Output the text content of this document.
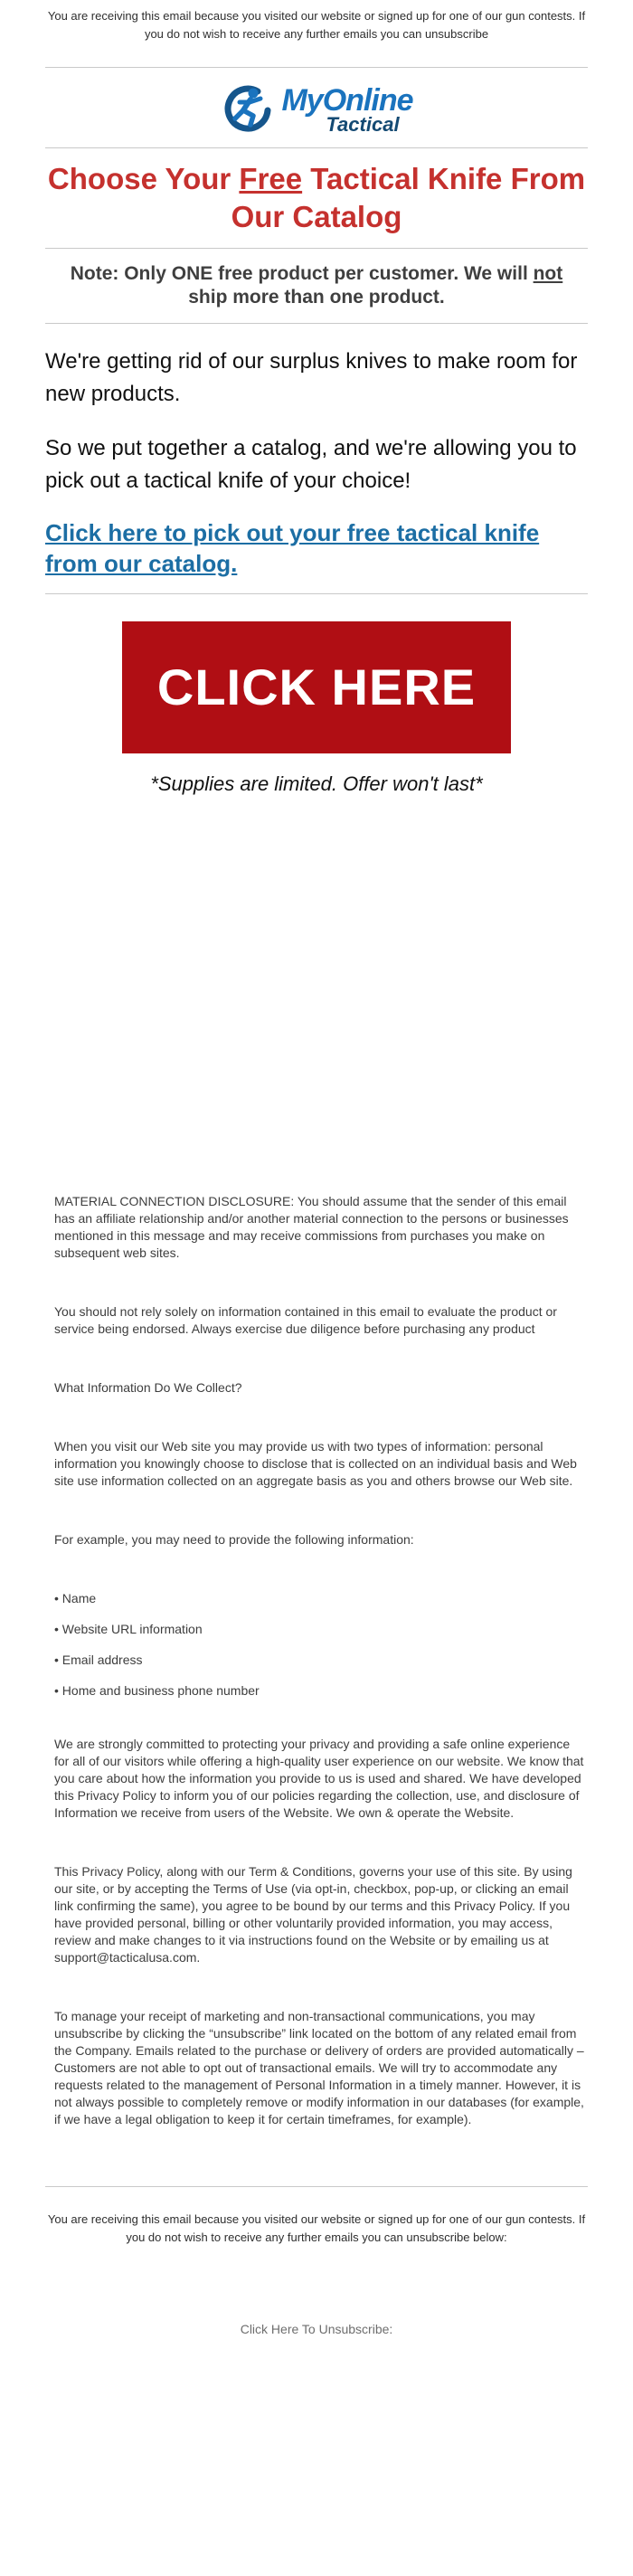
You are receiving this email because you visited our website or signed up for one of our gun contests. If you do not wish to receive any further emails you can unsubscribe

MyOnline
Tactical
Choose Your Free Tactical Knife From Our Catalog

Note: Only ONE free product per customer. We will not ship more than one product.

We're getting rid of our surplus knives to make room for new products.

So we put together a catalog, and we're allowing you to pick out a tactical knife of your choice!

Click here to pick out your free tactical knife from our catalog.
CLICK HERE

*Supplies are limited. Offer won't last*

MATERIAL CONNECTION DISCLOSURE: You should assume that the sender of this email has an affiliate relationship and/or another material connection to the persons or businesses mentioned in this message and may receive commissions from purchases you make on subsequent web sites.

You should not rely solely on information contained in this email to evaluate the product or service being endorsed. Always exercise due diligence before purchasing any product

What Information Do We Collect?

When you visit our Web site you may provide us with two types of information: personal information you knowingly choose to disclose that is collected on an individual basis and Web site use information collected on an aggregate basis as you and others browse our Web site.

For example, you may need to provide the following information:

• Name

• Website URL information

• Email address

• Home and business phone number

We are strongly committed to protecting your privacy and providing a safe online experience for all of our visitors while offering a high-quality user experience on our website. We know that you care about how the information you provide to us is used and shared. We have developed this Privacy Policy to inform you of our policies regarding the collection, use, and disclosure of Information we receive from users of the Website. We own & operate the Website.

This Privacy Policy, along with our Term & Conditions, governs your use of this site. By using our site, or by accepting the Terms of Use (via opt-in, checkbox, pop-up, or clicking an email link confirming the same), you agree to be bound by our terms and this Privacy Policy. If you have provided personal, billing or other voluntarily provided information, you may access, review and make changes to it via instructions found on the Website or by emailing us at support@tacticalusa.com.

To manage your receipt of marketing and non-transactional communications, you may unsubscribe by clicking the “unsubscribe” link located on the bottom of any related email from the Company. Emails related to the purchase or delivery of orders are provided automatically – Customers are not able to opt out of transactional emails. We will try to accommodate any requests related to the management of Personal Information in a timely manner. However, it is not always possible to completely remove or modify information in our databases (for example, if we have a legal obligation to keep it for certain timeframes, for example).

You are receiving this email because you visited our website or signed up for one of our gun contests. If you do not wish to receive any further emails you can unsubscribe below:

Click Here To Unsubscribe:
